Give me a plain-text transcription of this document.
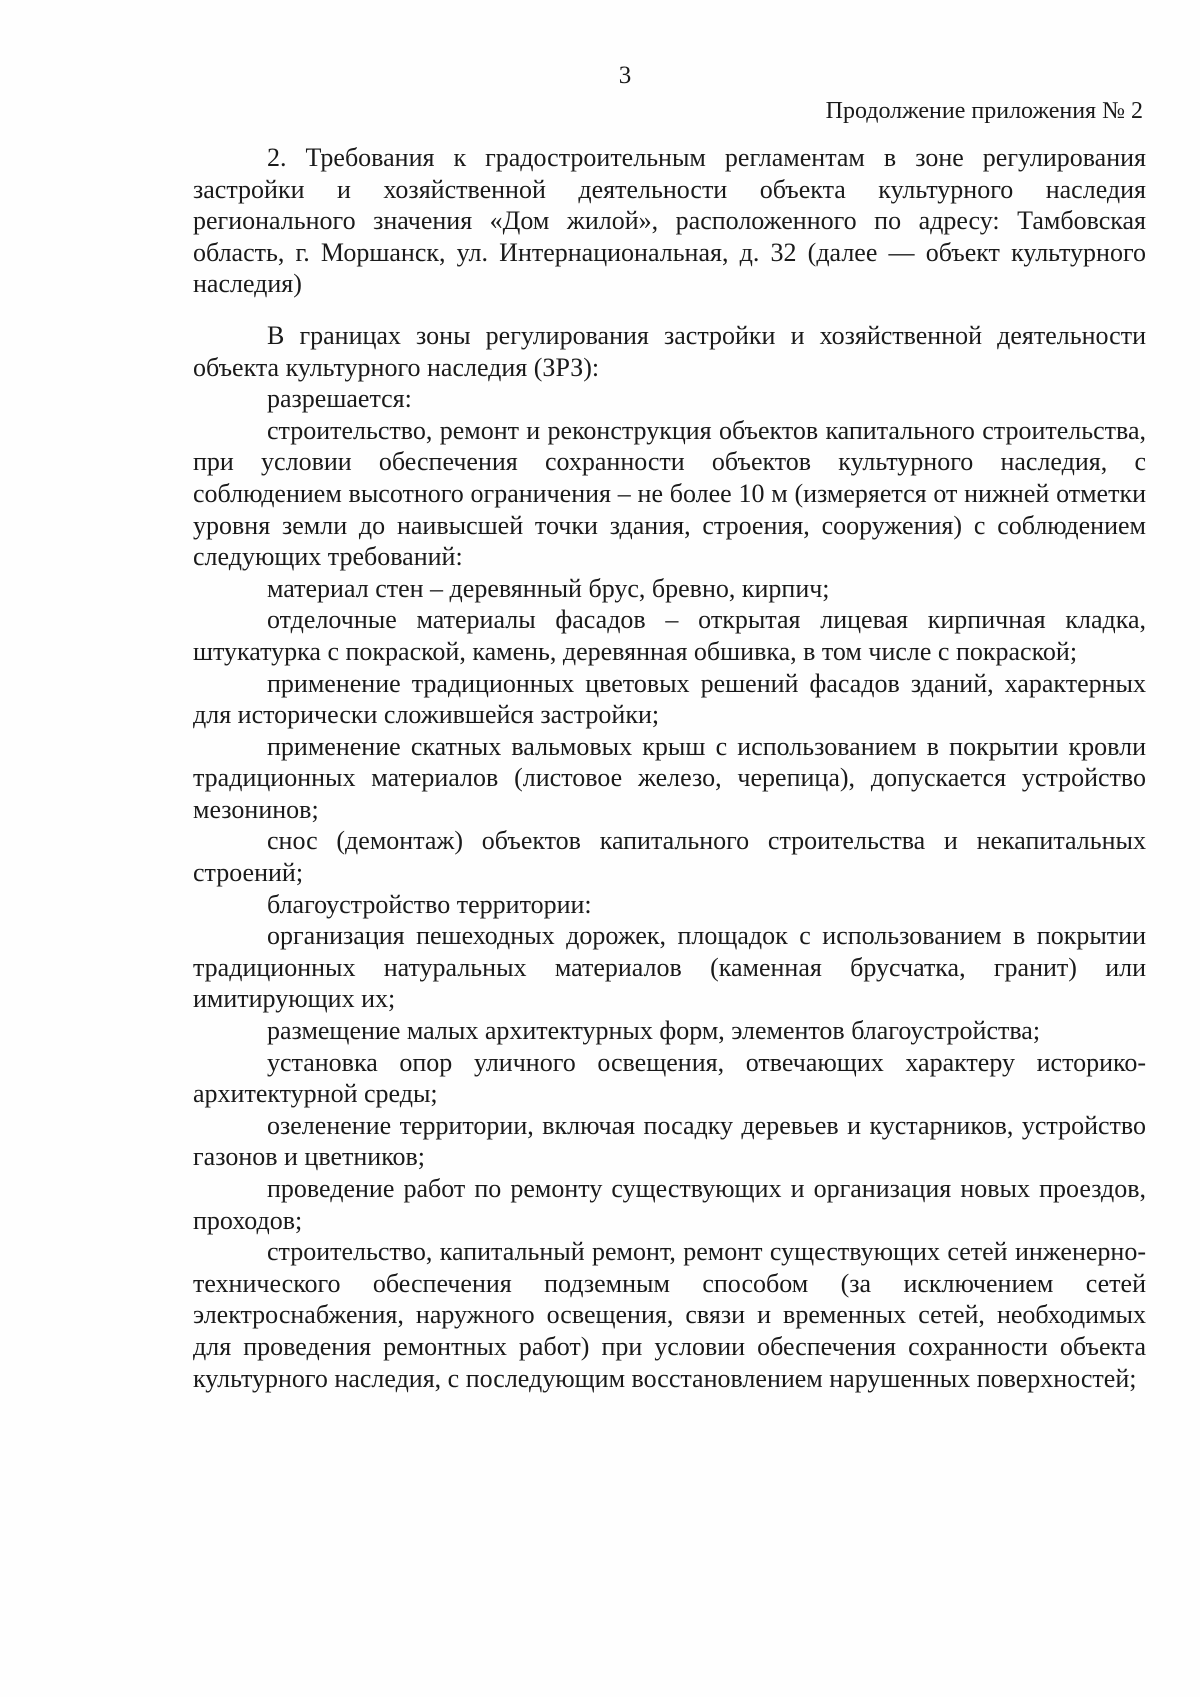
3
Продолжение приложения № 2

2. Требования к градостроительным регламентам в зоне регулирования застройки и хозяйственной деятельности объекта культурного наследия регионального значения «Дом жилой», расположенного по адресу: Тамбовская область, г. Моршанск, ул. Интернациональная, д. 32 (далее — объект культурного наследия)

В границах зоны регулирования застройки и хозяйственной деятельности объекта культурного наследия (ЗРЗ):

разрешается:

строительство, ремонт и реконструкция объектов капитального строительства, при условии обеспечения сохранности объектов культурного наследия, с соблюдением высотного ограничения – не более 10 м (измеряется от нижней отметки уровня земли до наивысшей точки здания, строения, сооружения) с соблюдением следующих требований:

материал стен – деревянный брус, бревно, кирпич;

отделочные материалы фасадов – открытая лицевая кирпичная кладка, штукатурка с покраской, камень, деревянная обшивка, в том числе с покраской;

применение традиционных цветовых решений фасадов зданий, характерных для исторически сложившейся застройки;

применение скатных вальмовых крыш с использованием в покрытии кровли традиционных материалов (листовое железо, черепица), допускается устройство мезонинов;

снос (демонтаж) объектов капитального строительства и некапитальных строений;

благоустройство территории:

организация пешеходных дорожек, площадок с использованием в покрытии традиционных натуральных материалов (каменная брусчатка, гранит) или имитирующих их;

размещение малых архитектурных форм, элементов благоустройства;

установка опор уличного освещения, отвечающих характеру историко-архитектурной среды;

озеленение территории, включая посадку деревьев и кустарников, устройство газонов и цветников;

проведение работ по ремонту существующих и организация новых проездов, проходов;

строительство, капитальный ремонт, ремонт существующих сетей инженерно-технического обеспечения подземным способом (за исключением сетей электроснабжения, наружного освещения, связи и временных сетей, необходимых для проведения ремонтных работ) при условии обеспечения сохранности объекта культурного наследия, с последующим восстановлением нарушенных поверхностей;
